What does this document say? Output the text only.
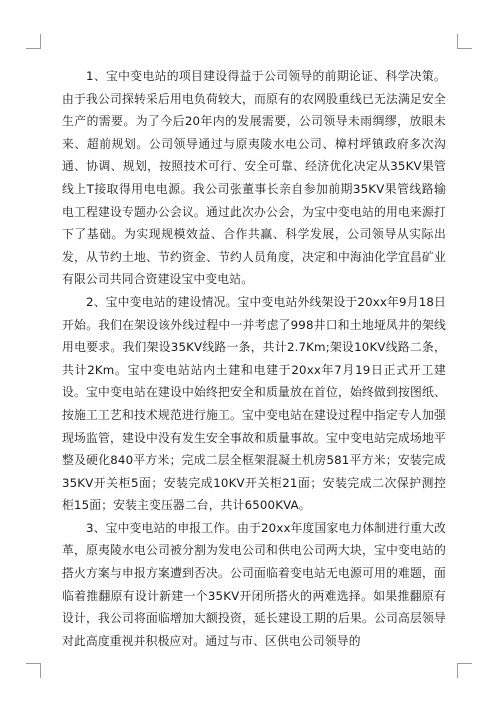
1、宝中变电站的项目建设得益于公司领导的前期论证、科学决策。由于我公司探转采后用电负荷较大，而原有的农网股重线已无法满足安全生产的需要。为了今后20年内的发展需要，公司领导未雨绸缪，放眼未来、超前规划。公司领导通过与原夷陵水电公司、樟村坪镇政府多次沟通、协调、规划，按照技术可行、安全可靠、经济优化决定从35KV果管线上T接取得用电电源。我公司张董事长亲自参加前期35KV果管线路输电工程建设专题办公会议。通过此次办公会，为宝中变电站的用电来源打下了基础。为实现规模效益、合作共赢、科学发展，公司领导从实际出发，从节约土地、节约资金、节约人员角度，决定和中海油化学宜昌矿业有限公司共同合资建设宝中变电站。

2、宝中变电站的建设情况。宝中变电站外线架设于20xx年9月18日开始。我们在架设该外线过程中一并考虑了998井口和土地垭凤井的架线用电要求。我们架设35KV线路一条，共计2.7Km;架设10KV线路二条，共计2Km。宝中变电站站内土建和电建于20xx年7月19日正式开工建设。宝中变电站在建设中始终把安全和质量放在首位，始终做到按图纸、按施工工艺和技术规范进行施工。宝中变电站在建设过程中指定专人加强现场监管，建设中没有发生安全事故和质量事故。宝中变电站完成场地平整及硬化840平方米；完成二层全框架混凝土机房581平方米；安装完成35KV开关柜5面；安装完成10KV开关柜21面；安装完成二次保护测控柜15面；安装主变压器二台，共计6500KVA。

3、宝中变电站的申报工作。由于20xx年度国家电力体制进行重大改革，原夷陵水电公司被分割为发电公司和供电公司两大块，宝中变电站的搭火方案与申报方案遭到否决。公司面临着变电站无电源可用的难题，面临着推翻原有设计新建一个35KV开闭所搭火的两难选择。如果推翻原有设计，我公司将面临增加大额投资，延长建设工期的后果。公司高层领导对此高度重视并积极应对。通过与市、区供电公司领导的
